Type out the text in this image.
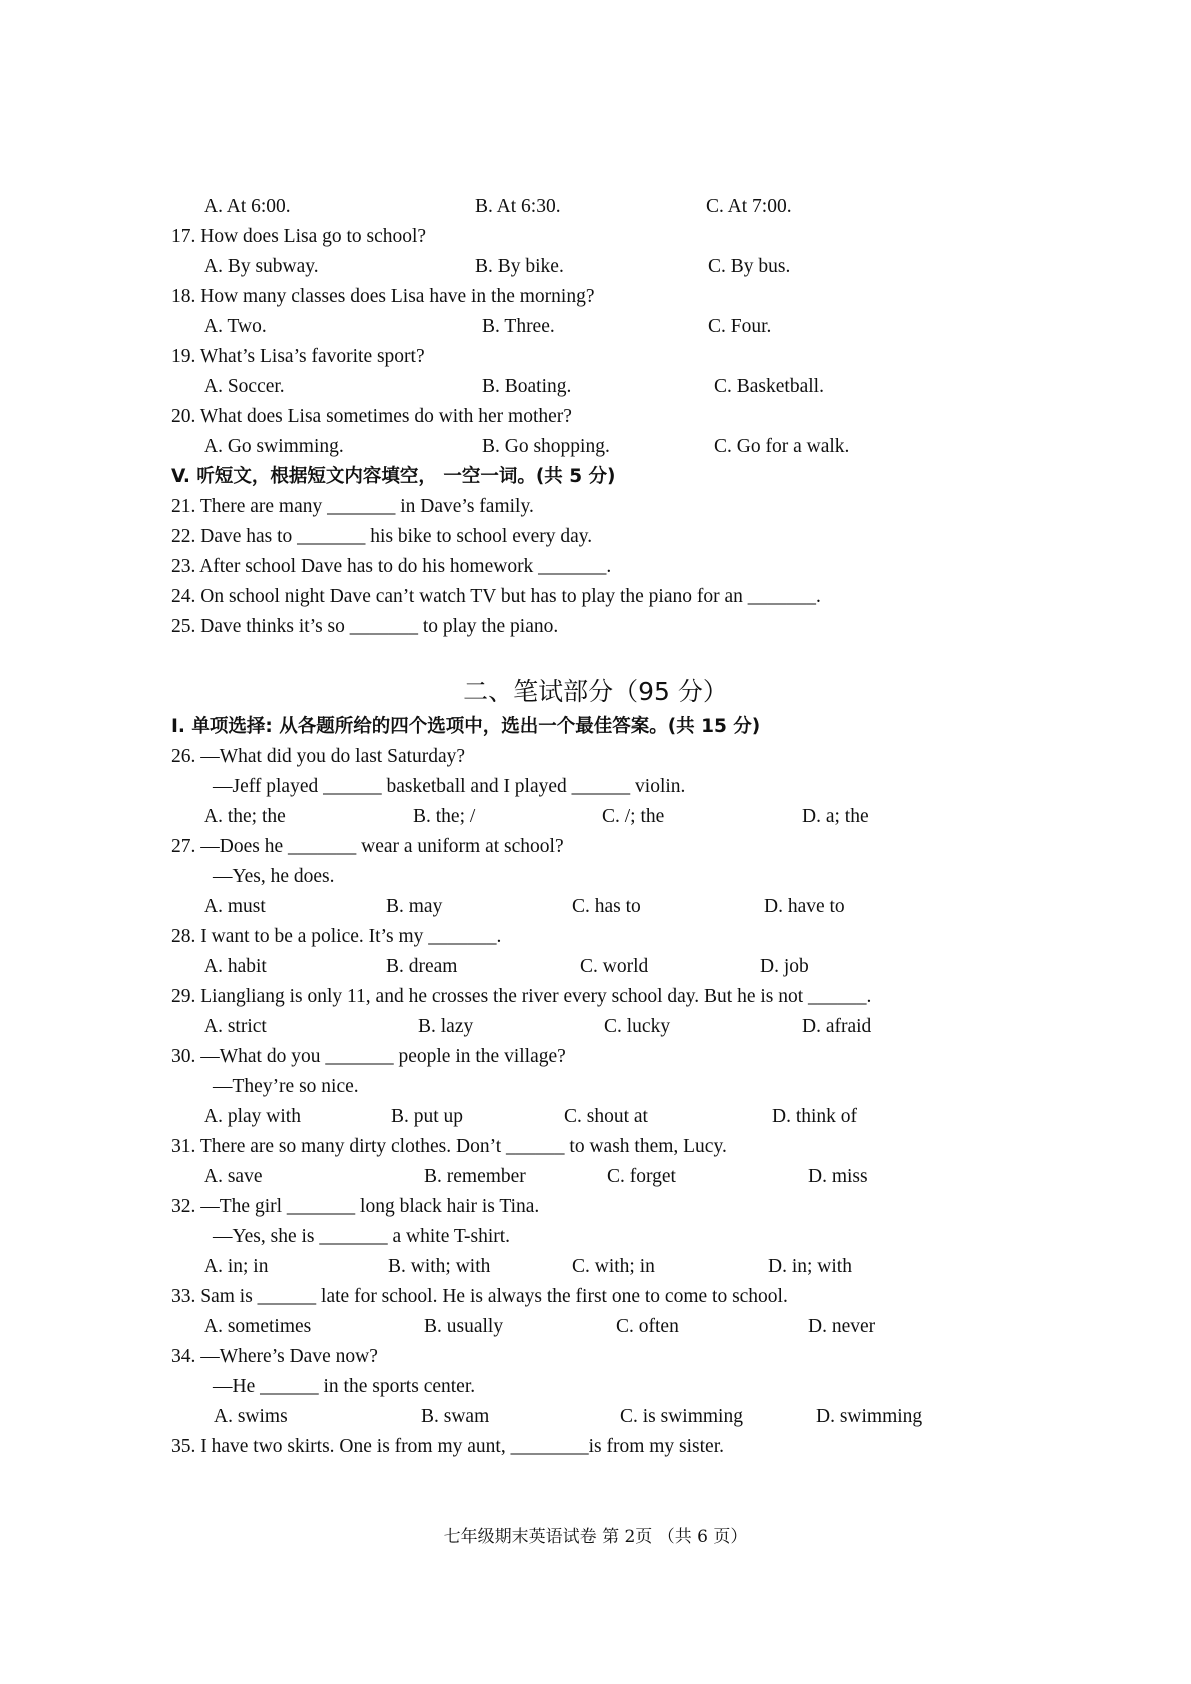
A. At 6:00.	B. At 6:30.	C. At 7:00.
17. How does Lisa go to school?
A. By subway.	B. By bike.	C. By bus.
18. How many classes does Lisa have in the morning?
A. Two.	B. Three.	C. Four.
19. What’s Lisa’s favorite sport?
A. Soccer.	B. Boating.	C. Basketball.
20. What does Lisa sometimes do with her mother?
A. Go swimming.	B. Go shopping.	C. Go for a walk.
V. 听短文，根据短文内容填空， 一空一词。(共 5 分)
21. There are many _______ in Dave’s family.
22. Dave has to _______ his bike to school every day.
23. After school Dave has to do his homework _______.
24. On school night Dave can’t watch TV but has to play the piano for an _______.
25. Dave thinks it’s so _______ to play the piano.
二、笔试部分（95 分）
I. 单项选择: 从各题所给的四个选项中，选出一个最佳答案。(共 15 分)
26. —What did you do last Saturday?
—Jeff played ______ basketball and I played ______ violin.
A. the; the	B. the; /	C. /; the	D. a; the
27. —Does he _______ wear a uniform at school?
—Yes, he does.
A. must	B. may	C. has to	D. have to
28. I want to be a police. It’s my _______.
A. habit	B. dream	C. world	D. job
29. Liangliang is only 11, and he crosses the river every school day. But he is not ______.
A. strict	B. lazy	C. lucky	D. afraid
30. —What do you _______ people in the village?
—They’re so nice.
A. play with	B. put up	C. shout at	D. think of
31. There are so many dirty clothes. Don’t ______ to wash them, Lucy.
A. save	B. remember	C. forget	D. miss
32. —The girl _______ long black hair is Tina.
—Yes, she is _______ a white T-shirt.
A. in; in	B. with; with	C. with; in	D. in; with
33. Sam is ______ late for school. He is always the first one to come to school.
A. sometimes	B. usually	C. often	D. never
34. —Where’s Dave now?
—He ______ in the sports center.
A. swims	B. swam	C. is swimming	D. swimming
35. I have two skirts. One is from my aunt, ________is from my sister.
七年级期末英语试卷 第 2页 （共 6 页）
